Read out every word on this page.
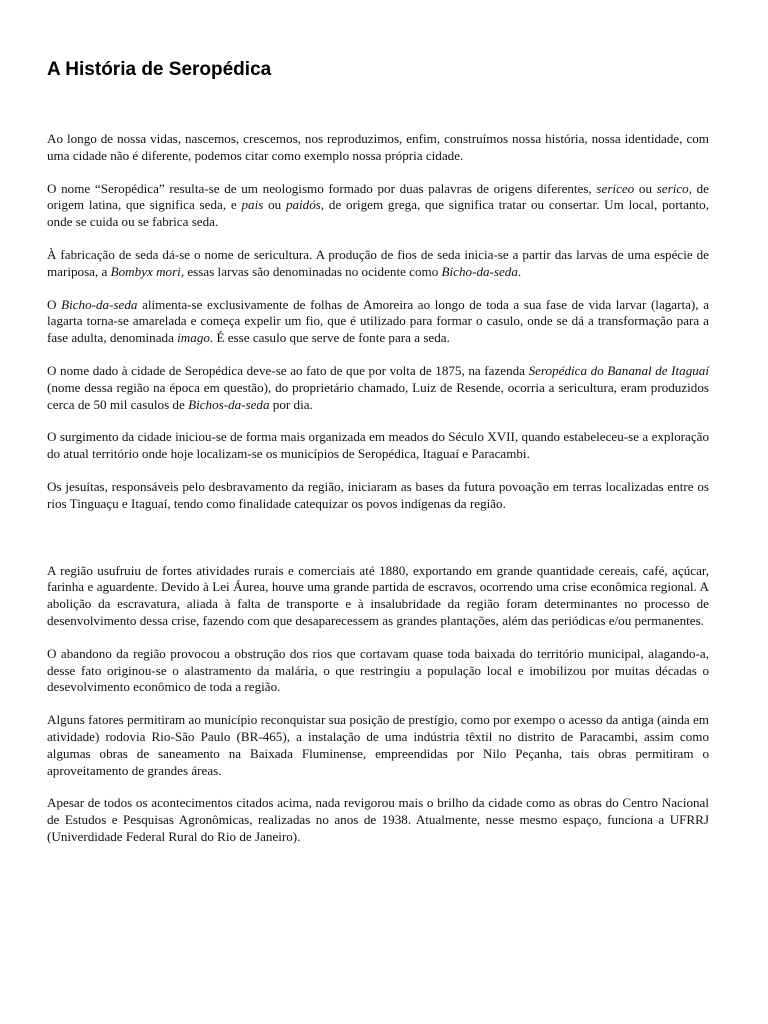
A História de Seropédica

Ao longo de nossa vidas, nascemos, crescemos, nos reproduzimos, enfim, construímos nossa história, nossa identidade, com uma cidade não é diferente, podemos citar como exemplo nossa própria cidade.

O nome “Seropédica” resulta-se de um neologismo formado por duas palavras de origens diferentes, sericeo ou serico, de origem latina, que significa seda, e pais ou paidós, de origem grega, que significa tratar ou consertar. Um local, portanto, onde se cuida ou se fabrica seda.

À fabricação de seda dá-se o nome de sericultura. A produção de fios de seda inicia-se a partir das larvas de uma espécie de mariposa, a Bombyx mori, essas larvas são denominadas no ocidente como Bicho-da-seda.

O Bicho-da-seda alimenta-se exclusivamente de folhas de Amoreira ao longo de toda a sua fase de vida larvar (lagarta), a lagarta torna-se amarelada e começa expelir um fio, que é utilizado para formar o casulo, onde se dá a transformação para a fase adulta, denominada imago. É esse casulo que serve de fonte para a seda.

O nome dado à cidade de Seropédica deve-se ao fato de que por volta de 1875, na fazenda Seropédica do Bananal de Itaguaí (nome dessa região na época em questão), do proprietário chamado, Luiz de Resende, ocorria a sericultura, eram produzidos cerca de 50 mil casulos de Bichos-da-seda por dia.

O surgimento da cidade iniciou-se de forma mais organizada em meados do Século XVII, quando estabeleceu-se a exploração do atual território onde hoje localizam-se os municípios de Seropédica, Itaguaí e Paracambi.

Os jesuítas, responsáveis pelo desbravamento da região, iniciaram as bases da futura povoação em terras localizadas entre os rios Tinguaçu e Itaguaí, tendo como finalidade catequizar os povos indígenas da região.

A região usufruiu de fortes atividades rurais e comerciais até 1880, exportando em grande quantidade cereais, café, açúcar, farinha e aguardente. Devido à Lei Áurea, houve uma grande partida de escravos, ocorrendo uma crise econômica regional. A abolição da escravatura, aliada à falta de transporte e à insalubridade da região foram determinantes no processo de desenvolvimento dessa crise, fazendo com que desaparecessem as grandes plantações, além das periódicas e/ou permanentes.

O abandono da região provocou a obstrução dos rios que cortavam quase toda baixada do território municipal, alagando-a, desse fato originou-se o alastramento da malária, o que restringiu a população local e imobilizou por muitas décadas o desevolvimento econômico de toda a região.

Alguns fatores permitiram ao município reconquistar sua posição de prestígio, como por exempo o acesso da antiga (ainda em atividade) rodovia Rio-São Paulo (BR-465), a instalação de uma indústria têxtil no distrito de Paracambi, assim como algumas obras de saneamento na Baixada Fluminense, empreendidas por Nilo Peçanha, tais obras permitiram o aproveitamento de grandes áreas.

Apesar de todos os acontecimentos citados acima, nada revigorou mais o brilho da cidade como as obras do Centro Nacional de Estudos e Pesquisas Agronômicas, realizadas no anos de 1938. Atualmente, nesse mesmo espaço, funciona a UFRRJ (Univerdidade Federal Rural do Rio de Janeiro).
